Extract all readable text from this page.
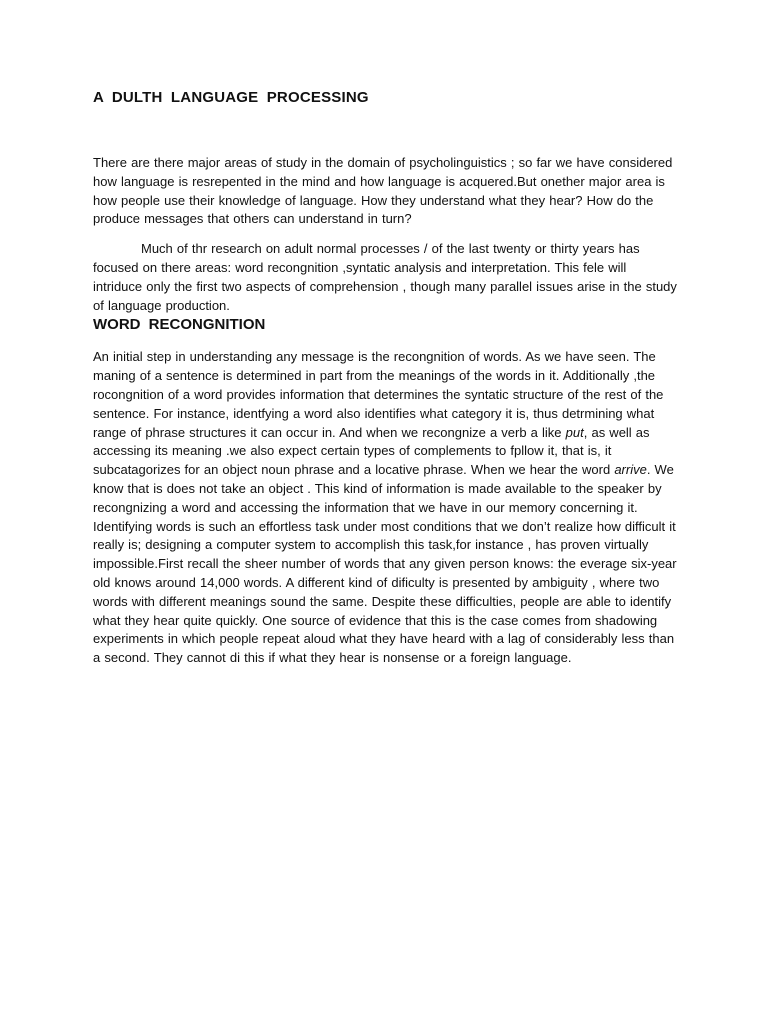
A DULTH LANGUAGE PROCESSING

There are there major areas of study in the domain of psycholinguistics ; so far we have considered how language is resrepented in the mind and how language is acquered.But onether major area is how people use their knowledge of language. How they understand what they hear? How do the produce messages that others can understand in turn?

Much of thr research on adult normal processes / of the last twenty or thirty years has focused on there areas: word recongnition ,syntatic analysis and interpretation. This fele will intriduce only the first two aspects of comprehension , though many parallel issues arise in the study of language production.

WORD RECONGNITION

An initial step in understanding any message is the recongnition of words. As we have seen. The maning of a sentence is determined in part from the meanings of the words in it. Additionally ,the rocongnition of a word provides information that determines the syntatic structure of the rest of the sentence. For instance, identfying a word also identifies what category it is, thus detrmining what range of phrase structures it can occur in. And when we recongnize a verb a like put, as well as accessing its meaning .we also expect certain types of complements to fpllow it, that is, it subcatagorizes for an object noun phrase and a locative phrase. When we hear the word arrive. We know that is does not take an object . This kind of information is made available to the speaker by recongnizing a word and accessing the information that we have in our memory concerning it. Identifying words is such an effortless task under most conditions that we don’t realize how difficult it really is; designing a computer system to accomplish this task,for instance , has proven virtually impossible.First recall the sheer number of words that any given person knows: the everage six-year old knows around 14,000 words. A different kind of dificulty is presented by ambiguity , where two words with different meanings sound the same. Despite these difficulties, people are able to identify what they hear quite quickly. One source of evidence that this is the case comes from shadowing experiments in which people repeat aloud what they have heard with a lag of considerably less than a second. They cannot di this if what they hear is nonsense or a foreign language.
